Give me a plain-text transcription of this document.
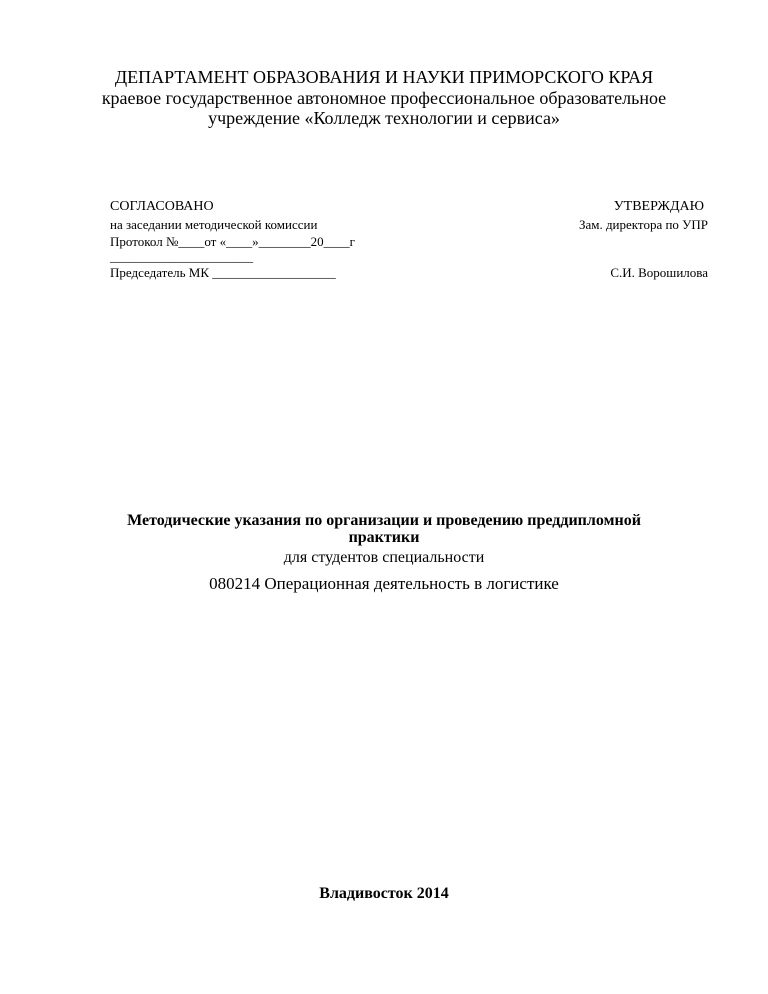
ДЕПАРТАМЕНТ ОБРАЗОВАНИЯ И НАУКИ ПРИМОРСКОГО КРАЯ
краевое государственное автономное профессиональное образовательное
учреждение «Колледж технологии и сервиса»
СОГЛАСОВАНО
на заседании методической комиссии
Протокол №____от «____»________20____г
______________________
Председатель МК ___________________
УТВЕРЖДАЮ
Зам. директора по УПР
С.И. Ворошилова
Методические указания по организации и проведению преддипломной
практики
для студентов специальности
080214 Операционная деятельность в логистике
Владивосток 2014
